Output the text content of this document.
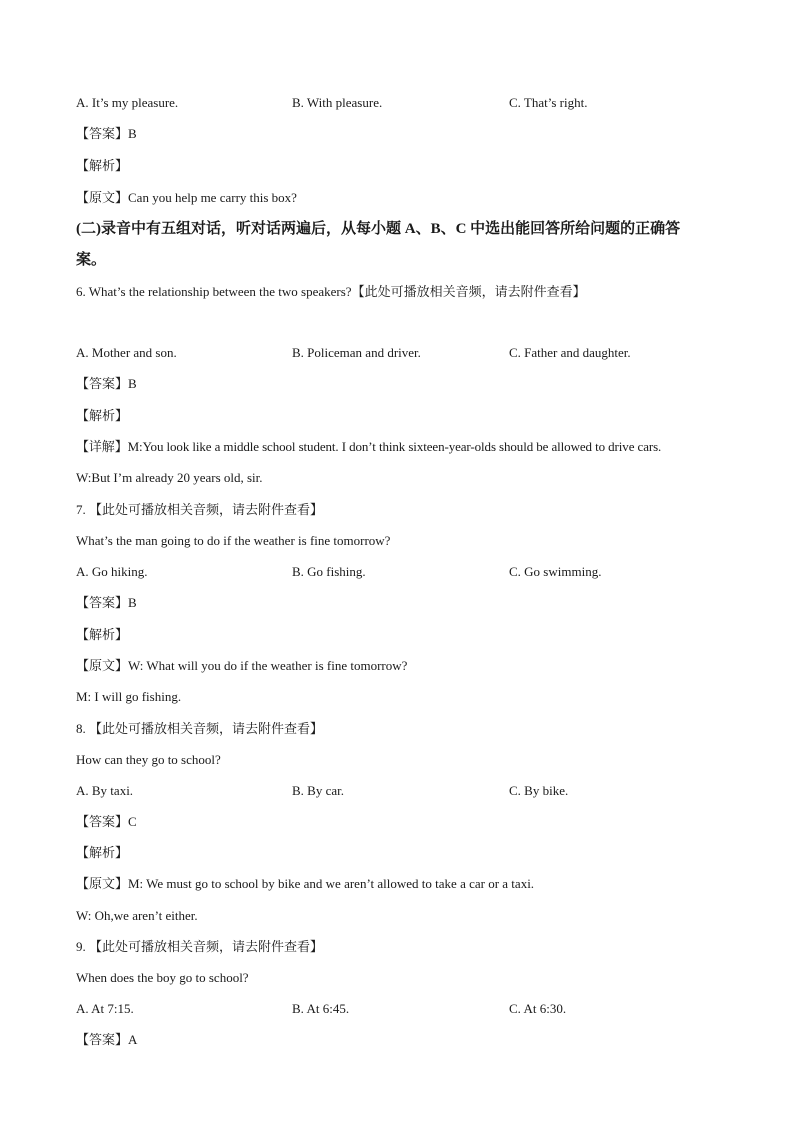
A. It’s my pleasure.	B. With pleasure.	C. That’s right.
【答案】B
【解析】
【原文】Can you help me carry this box?
(二)录音中有五组对话，听对话两遍后，从每小题 A、B、C 中选出能回答所给问题的正确答
案。
6. What’s the relationship between the two speakers?【此处可播放相关音频，请去附件查看】
A. Mother and son.	B. Policeman and driver.	C. Father and daughter.
【答案】B
【解析】
【详解】M:You look like a middle school student. I don’t think sixteen-year-olds should be allowed to drive cars.
W:But I’m already 20 years old, sir.
7. 【此处可播放相关音频，请去附件查看】
What’s the man going to do if the weather is fine tomorrow?
A. Go hiking.	B. Go fishing.	C. Go swimming.
【答案】B
【解析】
【原文】W: What will you do if the weather is fine tomorrow?
M: I will go fishing.
8. 【此处可播放相关音频，请去附件查看】
How can they go to school?
A. By taxi.	B. By car.	C. By bike.
【答案】C
【解析】
【原文】M: We must go to school by bike and we aren’t allowed to take a car or a taxi.
W: Oh,we aren’t either.
9. 【此处可播放相关音频，请去附件查看】
When does the boy go to school?
A. At 7:15.	B. At 6:45.	C. At 6:30.
【答案】A
